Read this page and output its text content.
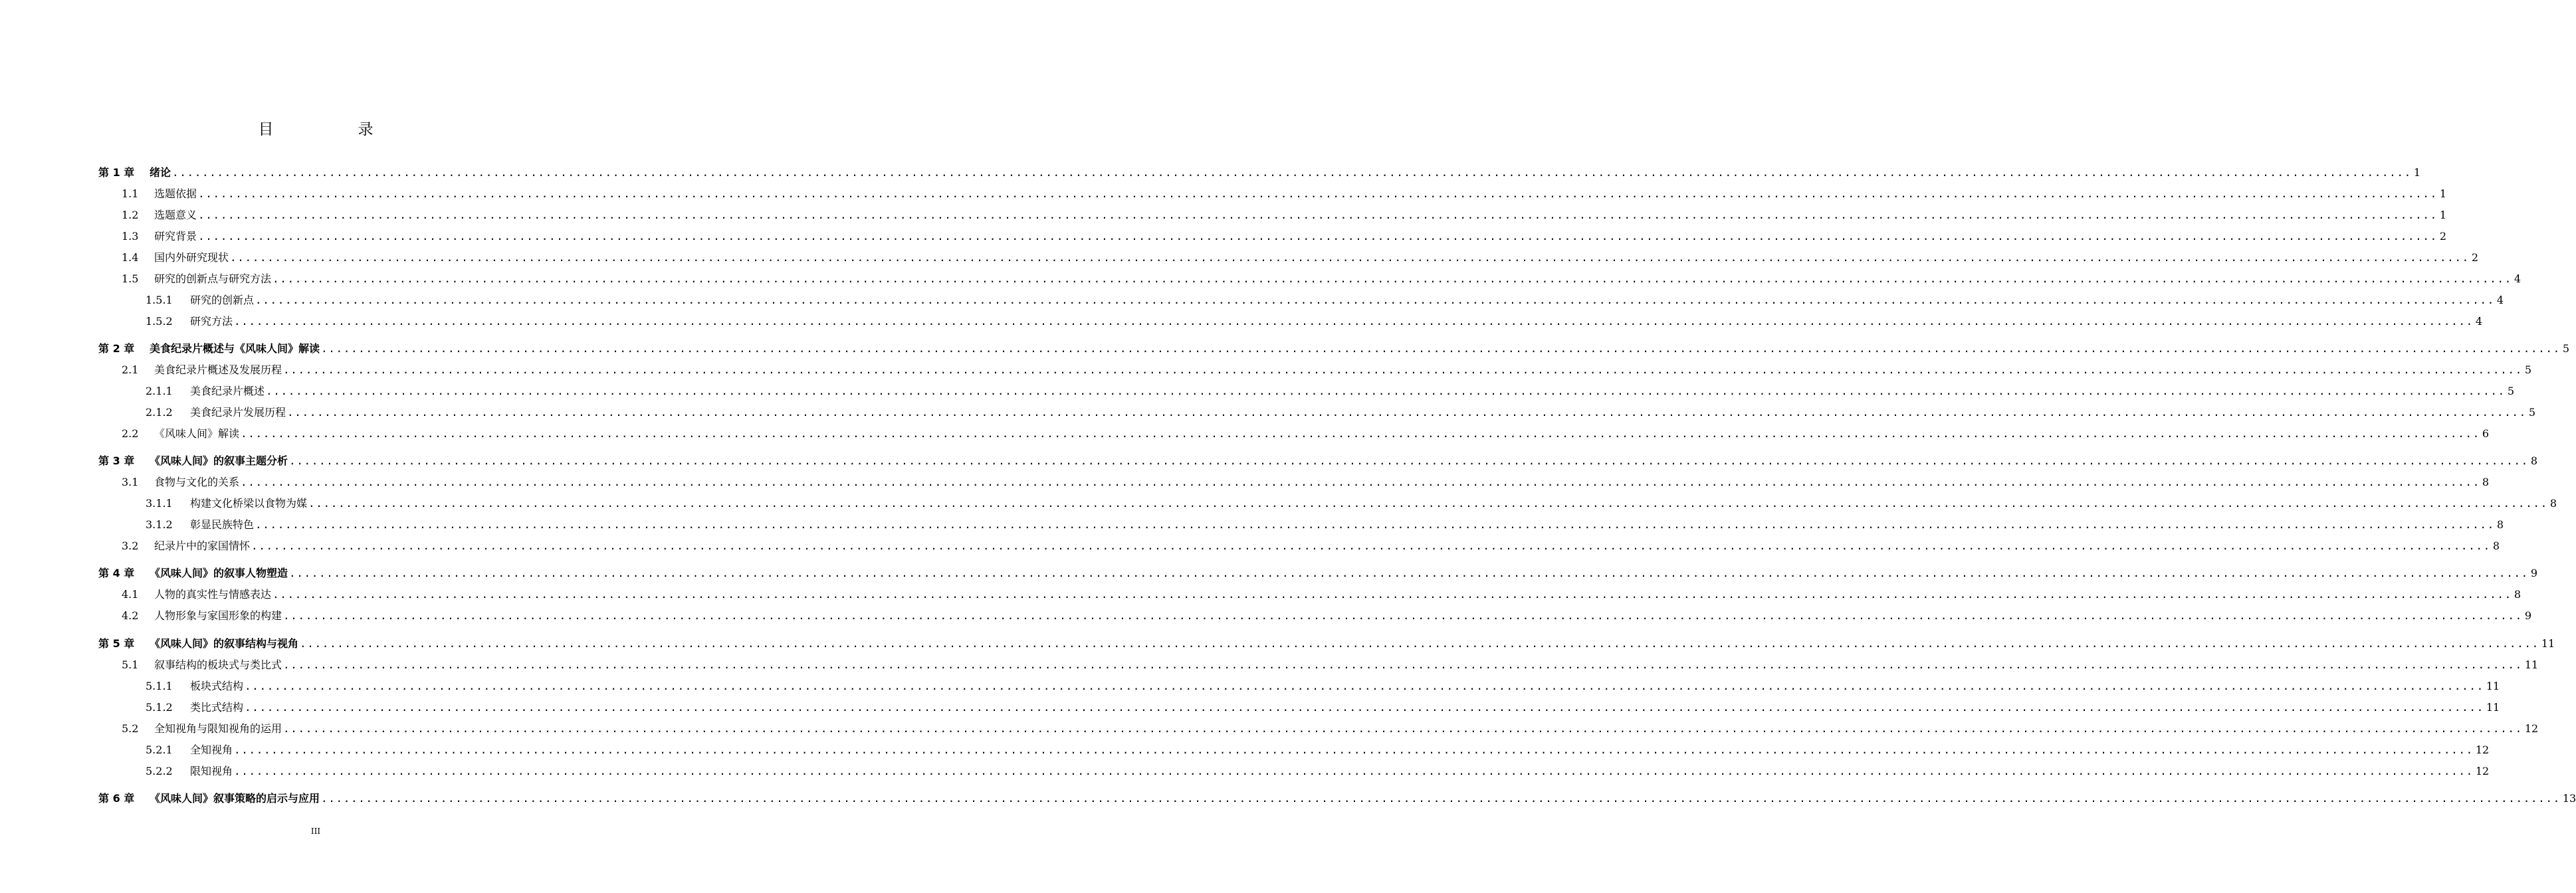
目　录
第 1 章 绪论 ............................................................................................................................................................................................................................................................................................................ 1
1.1 选题依据 ............................................................................................................................................................................................................................................................................................................ 1
1.2 选题意义 ............................................................................................................................................................................................................................................................................................................ 1
1.3 研究背景 ............................................................................................................................................................................................................................................................................................................ 2
1.4 国内外研究现状 ............................................................................................................................................................................................................................................................................................................ 2
1.5 研究的创新点与研究方法 ............................................................................................................................................................................................................................................................................................................ 4
1.5.1 研究的创新点 ............................................................................................................................................................................................................................................................................................................ 4
1.5.2 研究方法 ............................................................................................................................................................................................................................................................................................................ 4
第 2 章 美食纪录片概述与《风味人间》解读 ............................................................................................................................................................................................................................................................................................................ 5
2.1 美食纪录片概述及发展历程 ............................................................................................................................................................................................................................................................................................................ 5
2.1.1 美食纪录片概述 ............................................................................................................................................................................................................................................................................................................ 5
2.1.2 美食纪录片发展历程 ............................................................................................................................................................................................................................................................................................................ 5
2.2 《风味人间》解读 ............................................................................................................................................................................................................................................................................................................ 6
第 3 章 《风味人间》的叙事主题分析 ............................................................................................................................................................................................................................................................................................................ 8
3.1 食物与文化的关系 ............................................................................................................................................................................................................................................................................................................ 8
3.1.1 构建文化桥梁以食物为媒 ............................................................................................................................................................................................................................................................................................................ 8
3.1.2 彰显民族特色 ............................................................................................................................................................................................................................................................................................................ 8
3.2 纪录片中的家国情怀 ............................................................................................................................................................................................................................................................................................................ 8
第 4 章 《风味人间》的叙事人物塑造 ............................................................................................................................................................................................................................................................................................................ 9
4.1 人物的真实性与情感表达 ............................................................................................................................................................................................................................................................................................................ 8
4.2 人物形象与家国形象的构建 ............................................................................................................................................................................................................................................................................................................ 9
第 5 章 《风味人间》的叙事结构与视角 ............................................................................................................................................................................................................................................................................................................ 11
5.1 叙事结构的板块式与类比式 ............................................................................................................................................................................................................................................................................................................ 11
5.1.1 板块式结构 ............................................................................................................................................................................................................................................................................................................ 11
5.1.2 类比式结构 ............................................................................................................................................................................................................................................................................................................ 11
5.2 全知视角与限知视角的运用 ............................................................................................................................................................................................................................................................................................................ 12
5.2.1 全知视角 ............................................................................................................................................................................................................................................................................................................ 12
5.2.2 限知视角 ............................................................................................................................................................................................................................................................................................................ 12
第 6 章 《风味人间》叙事策略的启示与应用 ............................................................................................................................................................................................................................................................................................................ 13
III
